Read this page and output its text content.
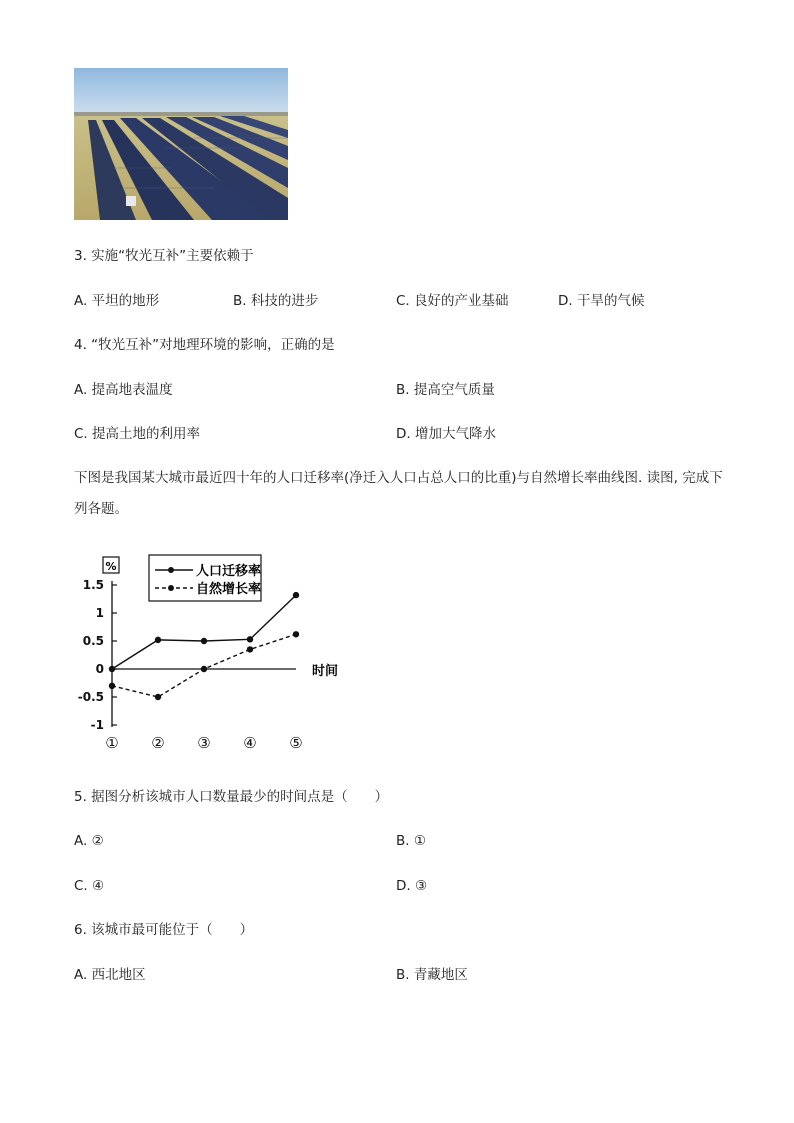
3. 实施“牧光互补”主要依赖于
A. 平坦的地形	B. 科技的进步	C. 良好的产业基础	D. 干旱的气候
4. “牧光互补”对地理环境的影响，正确的是
A. 提高地表温度	B. 提高空气质量
C. 提高土地的利用率	D. 增加大气降水
下图是我国某大城市最近四十年的人口迁移率(净迁入人口占总人口的比重)与自然增长率曲线图. 读图, 完成下列各题。
%	人口迁移率
自然增长率
1.5
1
0.5
0
-0.5
-1
① ② ③ ④ ⑤
时间
5. 据图分析该城市人口数量最少的时间点是（　　）
A. ②	B. ①
C. ④	D. ③
6. 该城市最可能位于（　　）
A. 西北地区	B. 青藏地区
